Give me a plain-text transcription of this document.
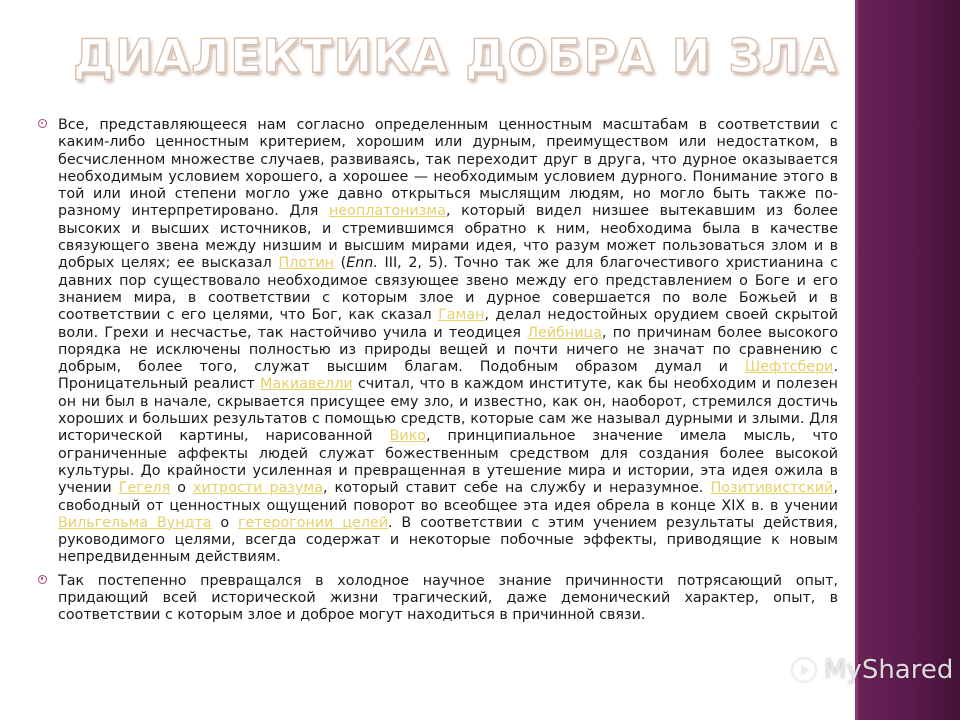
ДИАЛЕКТИКА ДОБРА И ЗЛА

Все, представляющееся нам согласно определенным ценностным масштабам в соответствии с каким-либо ценностным критерием, хорошим или дурным, преимуществом или недостатком, в бесчисленном множестве случаев, развиваясь, так переходит друг в друга, что дурное оказывается необходимым условием хорошего, а хорошее — необходимым условием дурного. Понимание этого в той или иной степени могло уже давно открыться мыслящим людям, но могло быть также по-разному интерпретировано. Для неоплатонизма, который видел низшее вытекавшим из более высоких и высших источников, и стремившимся обратно к ним, необходима была в качестве связующего звена между низшим и высшим мирами идея, что разум может пользоваться злом и в добрых целях; ее высказал Плотин (Enn. III, 2, 5). Точно так же для благочестивого христианина с давних пор существовало необходимое связующее звено между его представлением о Боге и его знанием мира, в соответствии с которым злое и дурное совершается по воле Божьей и в соответствии с его целями, что Бог, как сказал Гаман, делал недостойных орудием своей скрытой воли. Грехи и несчастье, так настойчиво учила и теодицея Лейбница, по причинам более высокого порядка не исключены полностью из природы вещей и почти ничего не значат по сравнению с добрым, более того, служат высшим благам. Подобным образом думал и Шефтсбери. Проницательный реалист Макиавелли считал, что в каждом институте, как бы необходим и полезен он ни был в начале, скрывается присущее ему зло, и известно, как он, наоборот, стремился достичь хороших и больших результатов с помощью средств, которые сам же называл дурными и злыми. Для исторической картины, нарисованной Вико, принципиальное значение имела мысль, что ограниченные аффекты людей служат божественным средством для создания более высокой культуры. До крайности усиленная и превращенная в утешение мира и истории, эта идея ожила в учении Гегеля о хитрости разума, который ставит себе на службу и неразумное. Позитивистский, свободный от ценностных ощущений поворот во всеобщее эта идея обрела в конце XIX в. в учении Вильгельма Вундта о гетерогонии целей. В соответствии с этим учением результаты действия, руководимого целями, всегда содержат и некоторые побочные эффекты, приводящие к новым непредвиденным действиям.

Так постепенно превращался в холодное научное знание причинности потрясающий опыт, придающий всей исторической жизни трагический, даже демонический характер, опыт, в соответствии с которым злое и доброе могут находиться в причинной связи.

MyShared
